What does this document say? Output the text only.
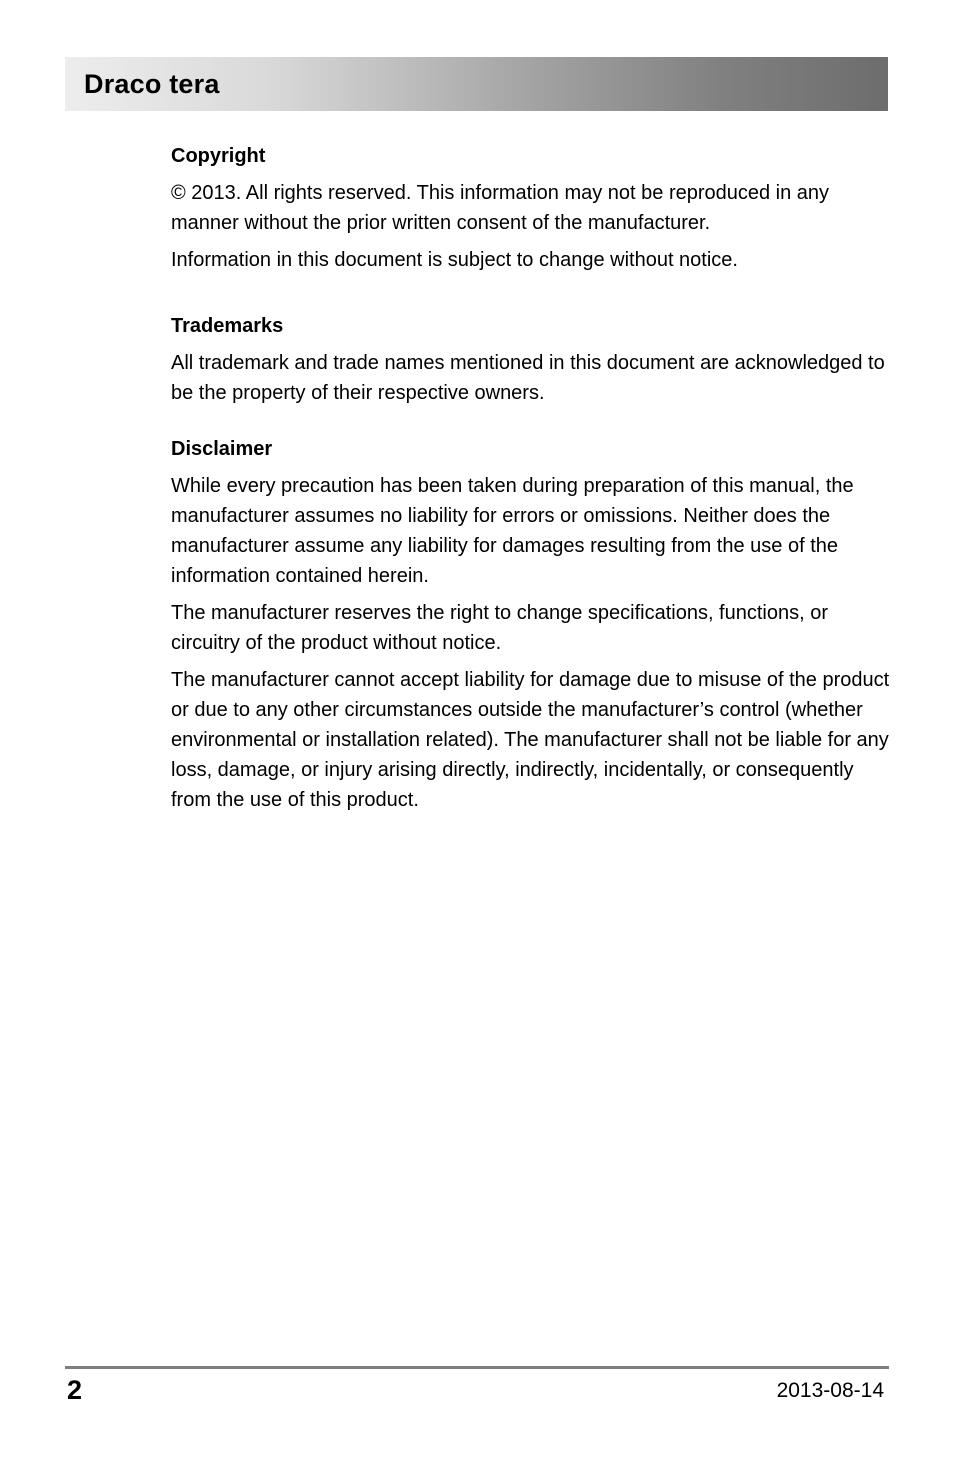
Draco tera
Copyright
© 2013. All rights reserved. This information may not be reproduced in any manner without the prior written consent of the manufacturer.
Information in this document is subject to change without notice.
Trademarks
All trademark and trade names mentioned in this document are acknowledged to be the property of their respective owners.
Disclaimer
While every precaution has been taken during preparation of this manual, the manufacturer assumes no liability for errors or omissions. Neither does the manufacturer assume any liability for damages resulting from the use of the information contained herein.
The manufacturer reserves the right to change specifications, functions, or circuitry of the product without notice.
The manufacturer cannot accept liability for damage due to misuse of the product or due to any other circumstances outside the manufacturer’s control (whether environmental or installation related). The manufacturer shall not be liable for any loss, damage, or injury arising directly, indirectly, incidentally, or consequently from the use of this product.
2	2013-08-14
